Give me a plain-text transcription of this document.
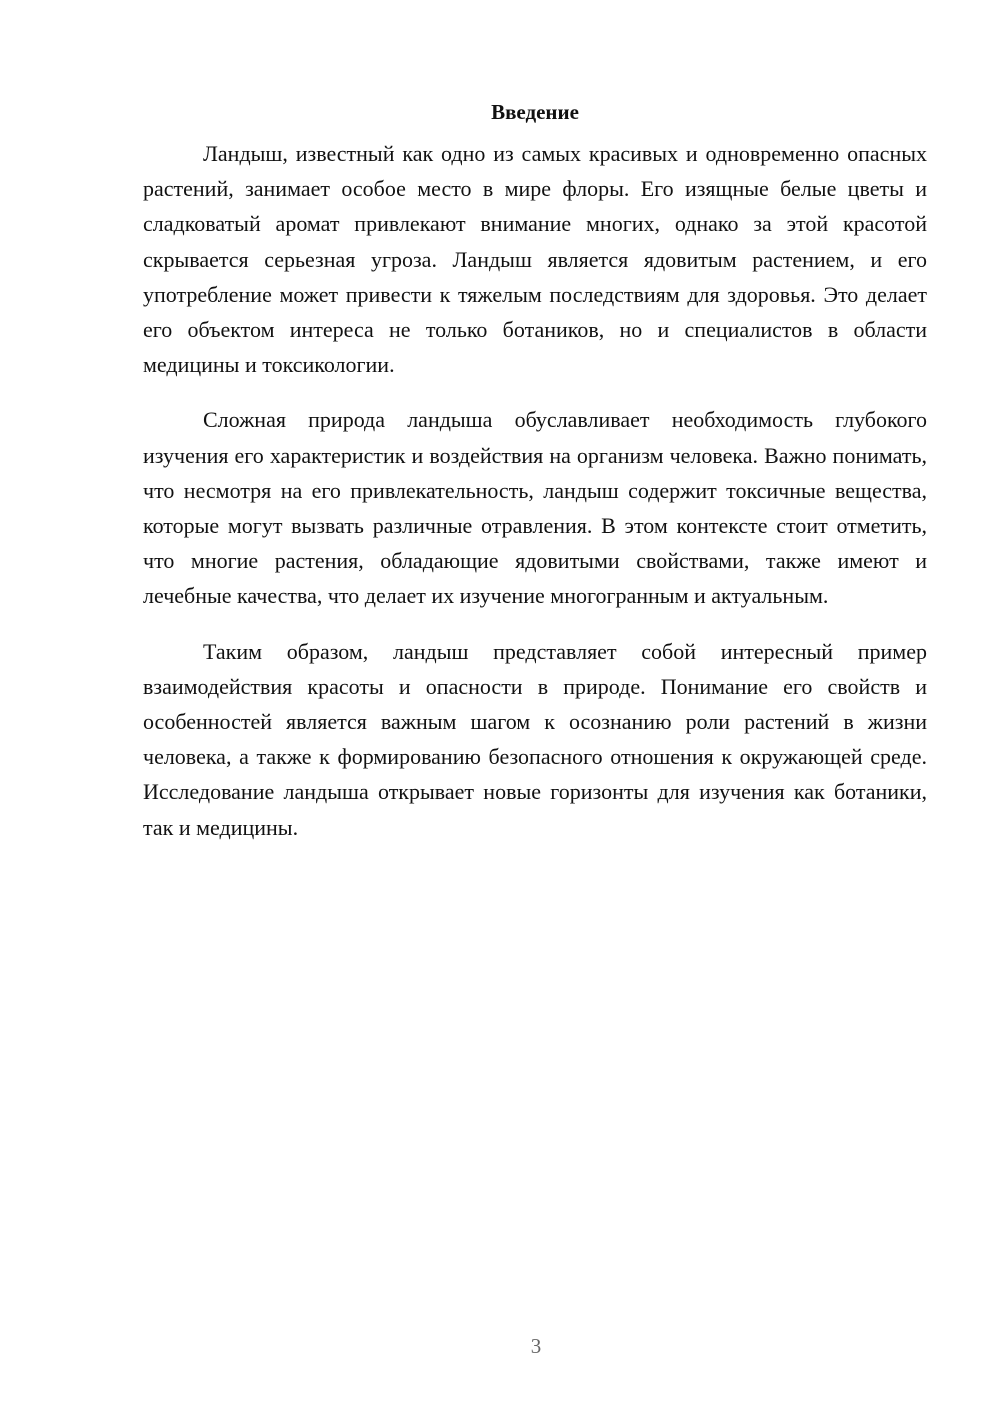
Введение

Ландыш, известный как одно из самых красивых и одновременно опасных растений, занимает особое место в мире флоры. Его изящные белые цветы и сладковатый аромат привлекают внимание многих, однако за этой красотой скрывается серьезная угроза. Ландыш является ядовитым растением, и его употребление может привести к тяжелым последствиям для здоровья. Это делает его объектом интереса не только ботаников, но и специалистов в области медицины и токсикологии.

Сложная природа ландыша обуславливает необходимость глубокого изучения его характеристик и воздействия на организм человека. Важно понимать, что несмотря на его привлекательность, ландыш содержит токсичные вещества, которые могут вызвать различные отравления. В этом контексте стоит отметить, что многие растения, обладающие ядовитыми свойствами, также имеют и лечебные качества, что делает их изучение многогранным и актуальным.

Таким образом, ландыш представляет собой интересный пример взаимодействия красоты и опасности в природе. Понимание его свойств и особенностей является важным шагом к осознанию роли растений в жизни человека, а также к формированию безопасного отношения к окружающей среде. Исследование ландыша открывает новые горизонты для изучения как ботаники, так и медицины.

3
